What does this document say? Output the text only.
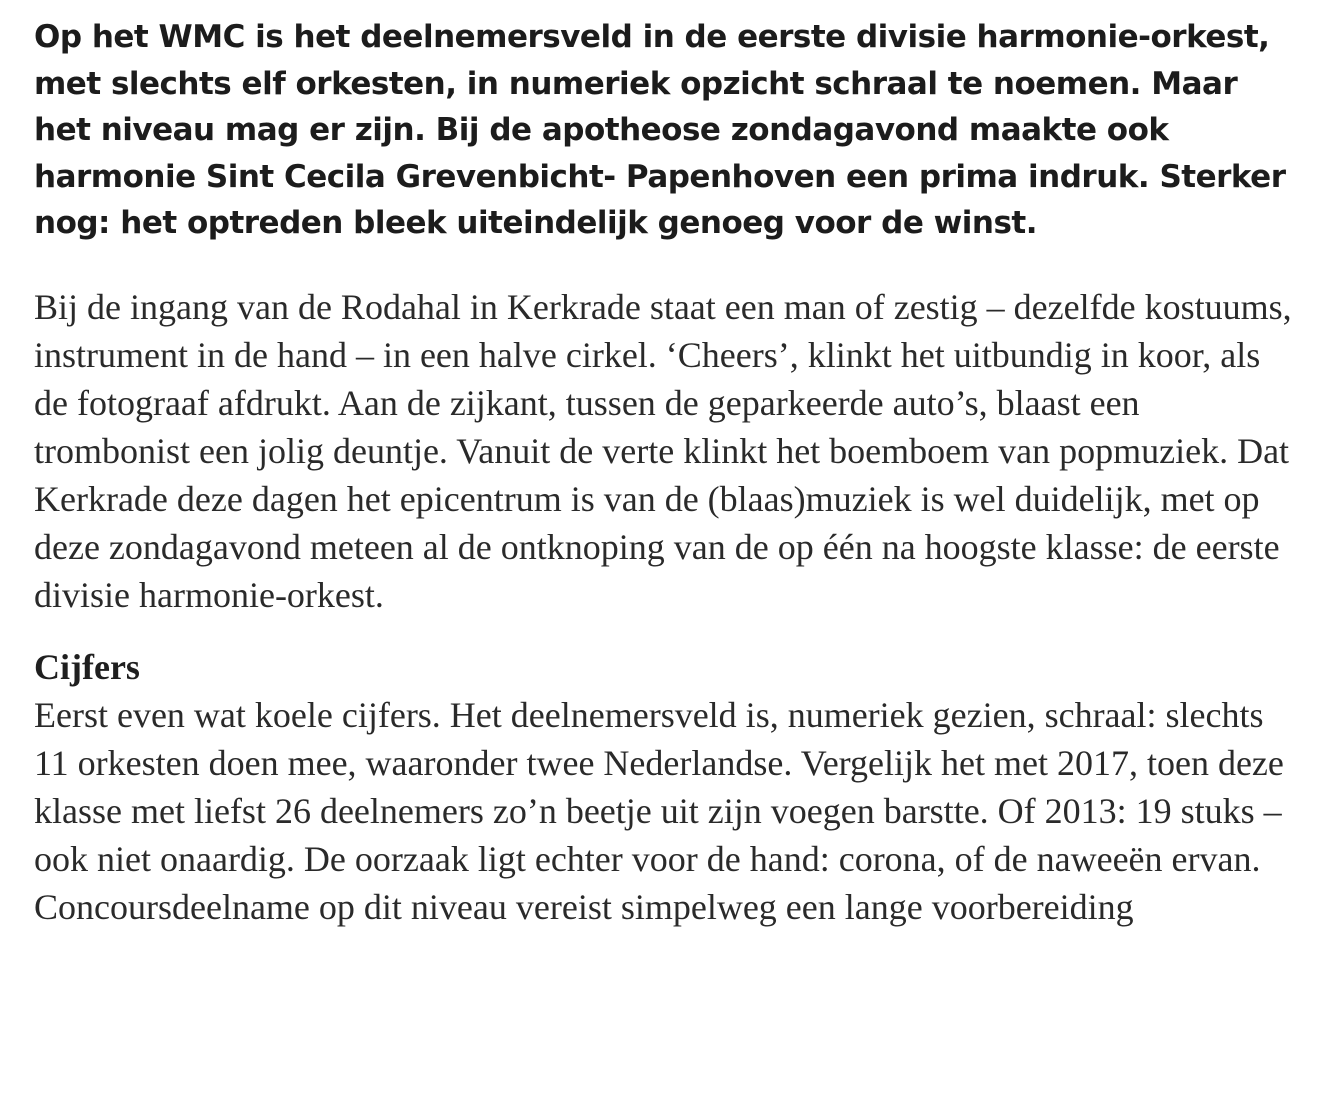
Op het WMC is het deelnemersveld in de eerste divisie harmonie-orkest, met slechts elf orkesten, in numeriek opzicht schraal te noemen. Maar het niveau mag er zijn. Bij de apotheose zondagavond maakte ook harmonie Sint Cecila Grevenbicht- Papenhoven een prima indruk. Sterker nog: het optreden bleek uiteindelijk genoeg voor de winst.

Bij de ingang van de Rodahal in Kerkrade staat een man of zestig – dezelfde kostuums, instrument in de hand – in een halve cirkel. ‘Cheers’, klinkt het uitbundig in koor, als de fotograaf afdrukt. Aan de zijkant, tussen de geparkeerde auto’s, blaast een trombonist een jolig deuntje. Vanuit de verte klinkt het boemboem van popmuziek. Dat Kerkrade deze dagen het epicentrum is van de (blaas)muziek is wel duidelijk, met op deze zondagavond meteen al de ontknoping van de op één na hoogste klasse: de eerste divisie harmonie-orkest.

Cijfers

Eerst even wat koele cijfers. Het deelnemersveld is, numeriek gezien, schraal: slechts 11 orkesten doen mee, waaronder twee Nederlandse. Vergelijk het met 2017, toen deze klasse met liefst 26 deelnemers zo’n beetje uit zijn voegen barstte. Of 2013: 19 stuks – ook niet onaardig. De oorzaak ligt echter voor de hand: corona, of de naweeën ervan. Concoursdeelname op dit niveau vereist simpelweg een lange voorbereiding
